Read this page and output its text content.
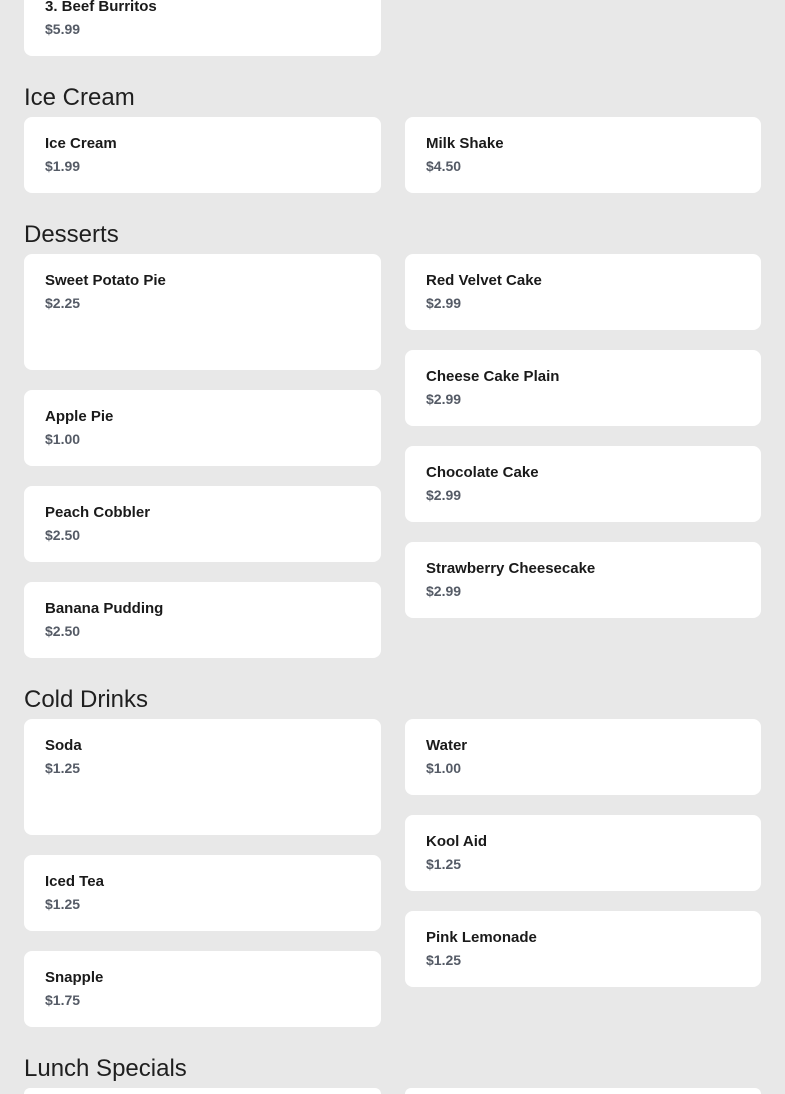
3. Beef Burritos
$5.99
Ice Cream
Ice Cream
$1.99
Milk Shake
$4.50
Desserts
Sweet Potato Pie
$2.25
Red Velvet Cake
$2.99
Cheese Cake Plain
$2.99
Apple Pie
$1.00
Chocolate Cake
$2.99
Peach Cobbler
$2.50
Strawberry Cheesecake
$2.99
Banana Pudding
$2.50
Cold Drinks
Soda
$1.25
Water
$1.00
Kool Aid
$1.25
Iced Tea
$1.25
Pink Lemonade
$1.25
Snapple
$1.75
Lunch Specials
